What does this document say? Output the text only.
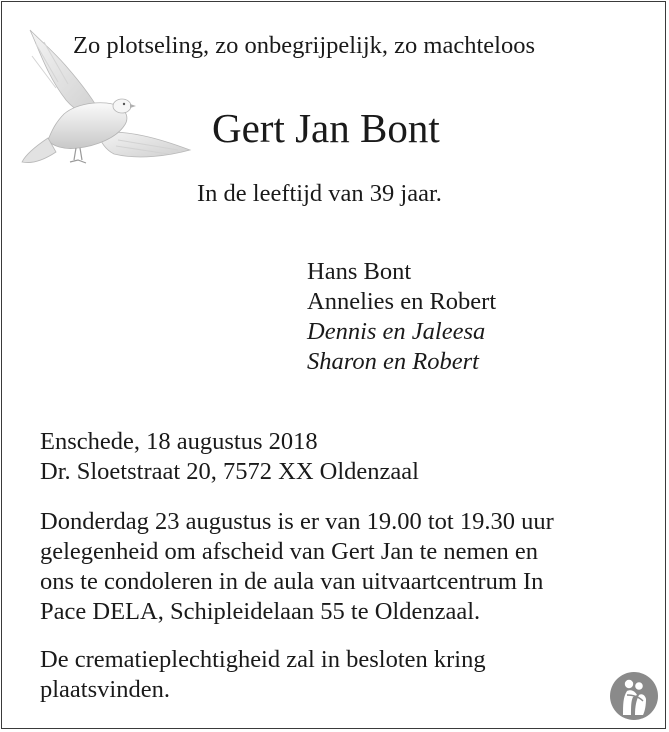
Zo plotseling, zo onbegrijpelijk, zo machteloos
Gert Jan Bont
In de leeftijd van 39 jaar.
Hans Bont
Annelies en Robert
Dennis en Jaleesa
Sharon en Robert
Enschede, 18 augustus 2018
Dr. Sloetstraat 20, 7572 XX Oldenzaal
Donderdag 23 augustus is er van 19.00 tot 19.30 uur
gelegenheid om afscheid van Gert Jan te nemen en
ons te condoleren in de aula van uitvaartcentrum In
Pace DELA, Schipleidelaan 55 te Oldenzaal.
De crematieplechtigheid zal in besloten kring
plaatsvinden.
